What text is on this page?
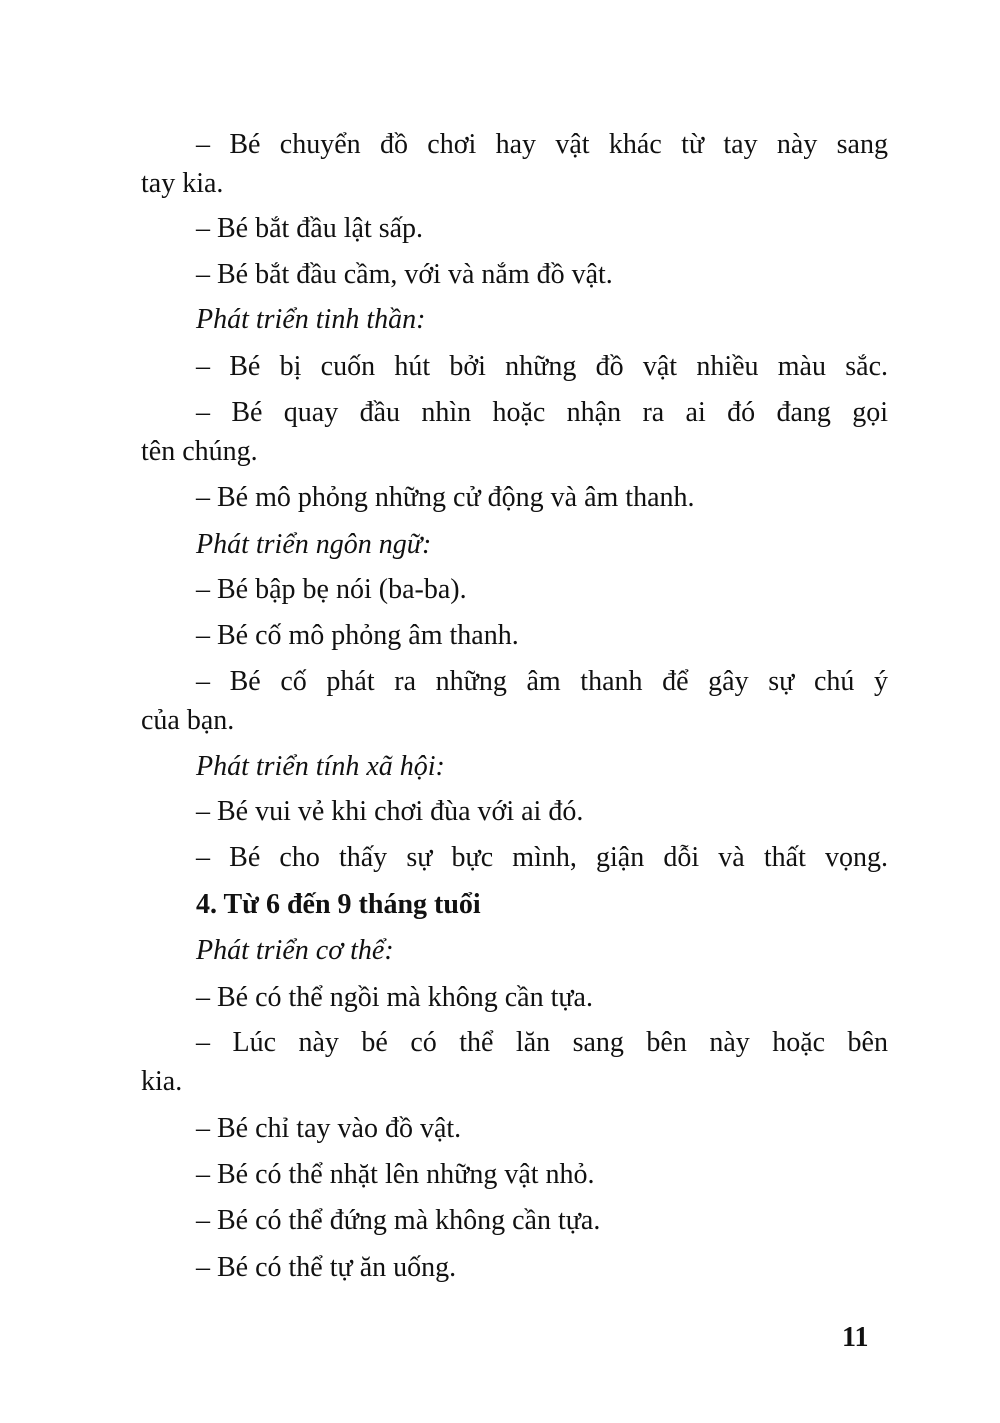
– Bé chuyển đồ chơi hay vật khác từ tay này sang
tay kia.
– Bé bắt đầu lật sấp.
– Bé bắt đầu cầm, với và nắm đồ vật.
Phát triển tinh thần:
– Bé bị cuốn hút bởi những đồ vật nhiều màu sắc.
– Bé quay đầu nhìn hoặc nhận ra ai đó đang gọi
tên chúng.
– Bé mô phỏng những cử động và âm thanh.
Phát triển ngôn ngữ:
– Bé bập bẹ nói (ba-ba).
– Bé cố mô phỏng âm thanh.
– Bé cố phát ra những âm thanh để gây sự chú ý
của bạn.
Phát triển tính xã hội:
– Bé vui vẻ khi chơi đùa với ai đó.
– Bé cho thấy sự bực mình, giận dỗi và thất vọng.
4. Từ 6 đến 9 tháng tuổi
Phát triển cơ thể:
– Bé có thể ngồi mà không cần tựa.
– Lúc này bé có thể lăn sang bên này hoặc bên
kia.
– Bé chỉ tay vào đồ vật.
– Bé có thể nhặt lên những vật nhỏ.
– Bé có thể đứng mà không cần tựa.
– Bé có thể tự ăn uống.
11
